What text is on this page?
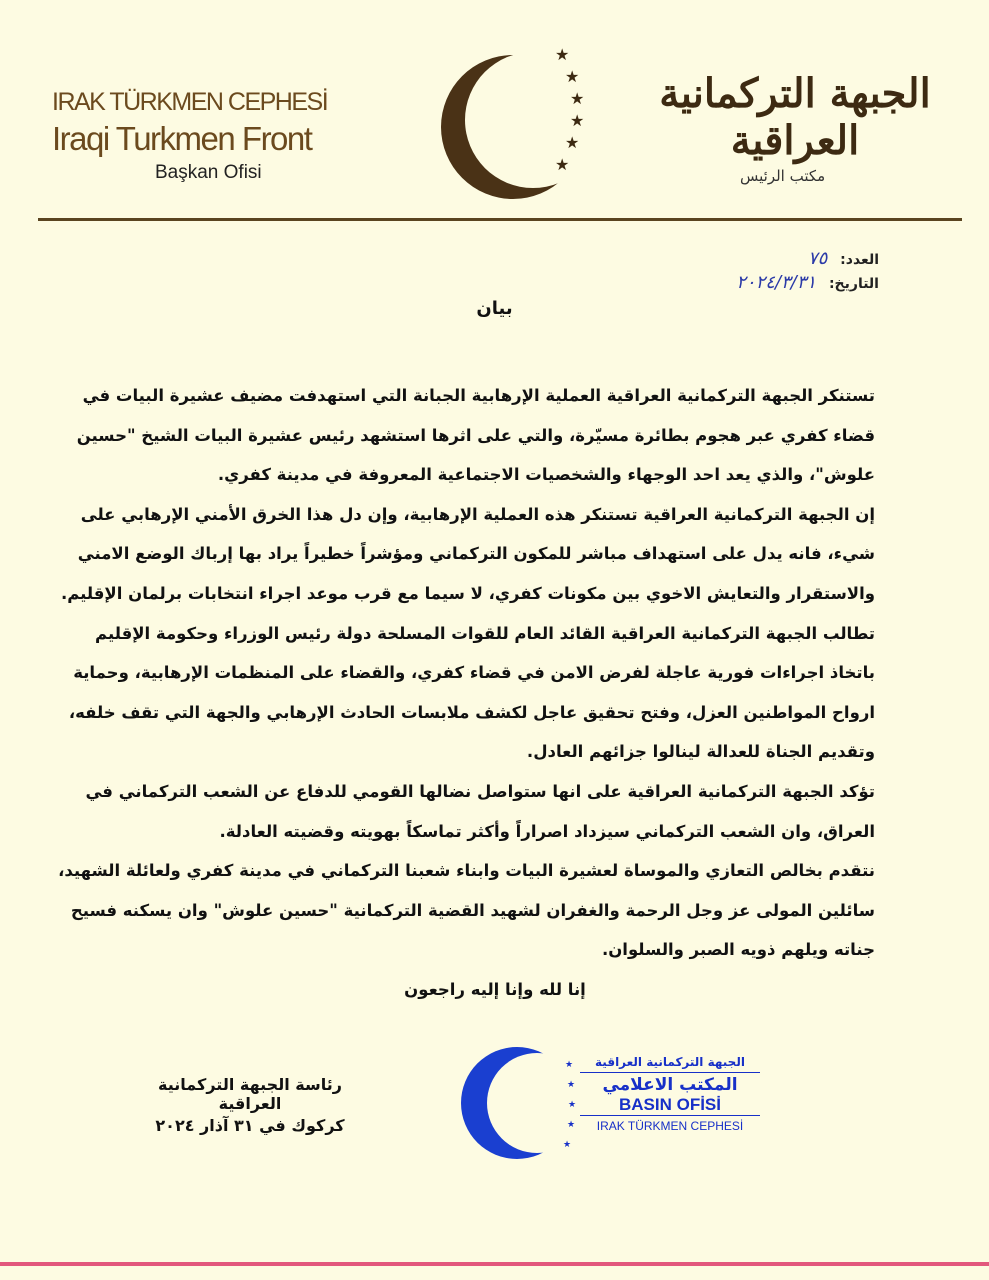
IRAK TÜRKMEN CEPHESİ
Iraqi Turkmen Front
Başkan Ofisi
★
★
★
★
★
★
الجبهة التركمانية العراقية
مكتب الرئيس
العدد: ٧٥
التاريخ: ٢٠٢٤/٣/٣١
بيان
تستنكر الجبهة التركمانية العراقية العملية الإرهابية الجبانة التي استهدفت مضيف عشيرة البيات في
قضاء كفري عبر هجوم بطائرة مسيّرة، والتي على اثرها استشهد رئيس عشيرة البيات الشيخ "حسين
علوش"، والذي يعد احد الوجهاء والشخصيات الاجتماعية المعروفة في مدينة كفري.
إن الجبهة التركمانية العراقية تستنكر هذه العملية الإرهابية، وإن دل هذا الخرق الأمني الإرهابي على
شيء، فانه يدل على استهداف مباشر للمكون التركماني ومؤشراً خطيراً يراد بها إرباك الوضع الامني
والاستقرار والتعايش الاخوي بين مكونات كفري، لا سيما مع قرب موعد اجراء انتخابات برلمان الإقليم.
تطالب الجبهة التركمانية العراقية القائد العام للقوات المسلحة دولة رئيس الوزراء وحكومة الإقليم
باتخاذ اجراءات فورية عاجلة لفرض الامن في قضاء كفري، والقضاء على المنظمات الإرهابية، وحماية
ارواح المواطنين العزل، وفتح تحقيق عاجل لكشف ملابسات الحادث الإرهابي والجهة التي تقف خلفه،
وتقديم الجناة للعدالة لينالوا جزائهم العادل.
تؤكد الجبهة التركمانية العراقية على انها ستواصل نضالها القومي للدفاع عن الشعب التركماني في
العراق، وان الشعب التركماني سيزداد اصراراً وأكثر تماسكاً بهويته وقضيته العادلة.
نتقدم بخالص التعازي والموساة لعشيرة البيات وابناء شعبنا التركماني في مدينة كفري ولعائلة الشهيد،
سائلين المولى عز وجل الرحمة والغفران لشهيد القضية التركمانية "حسين علوش" وان يسكنه فسيح
جناته ويلهم ذويه الصبر والسلوان.
إنا لله وإنا إليه راجعون
رئاسة الجبهة التركمانية العراقية
كركوك في ٣١ آذار ٢٠٢٤
★
★
★
★
★
الجبهة التركمانية العراقية
المكتب الاعلامي
BASIN OFİSİ
IRAK TÜRKMEN CEPHESİ
